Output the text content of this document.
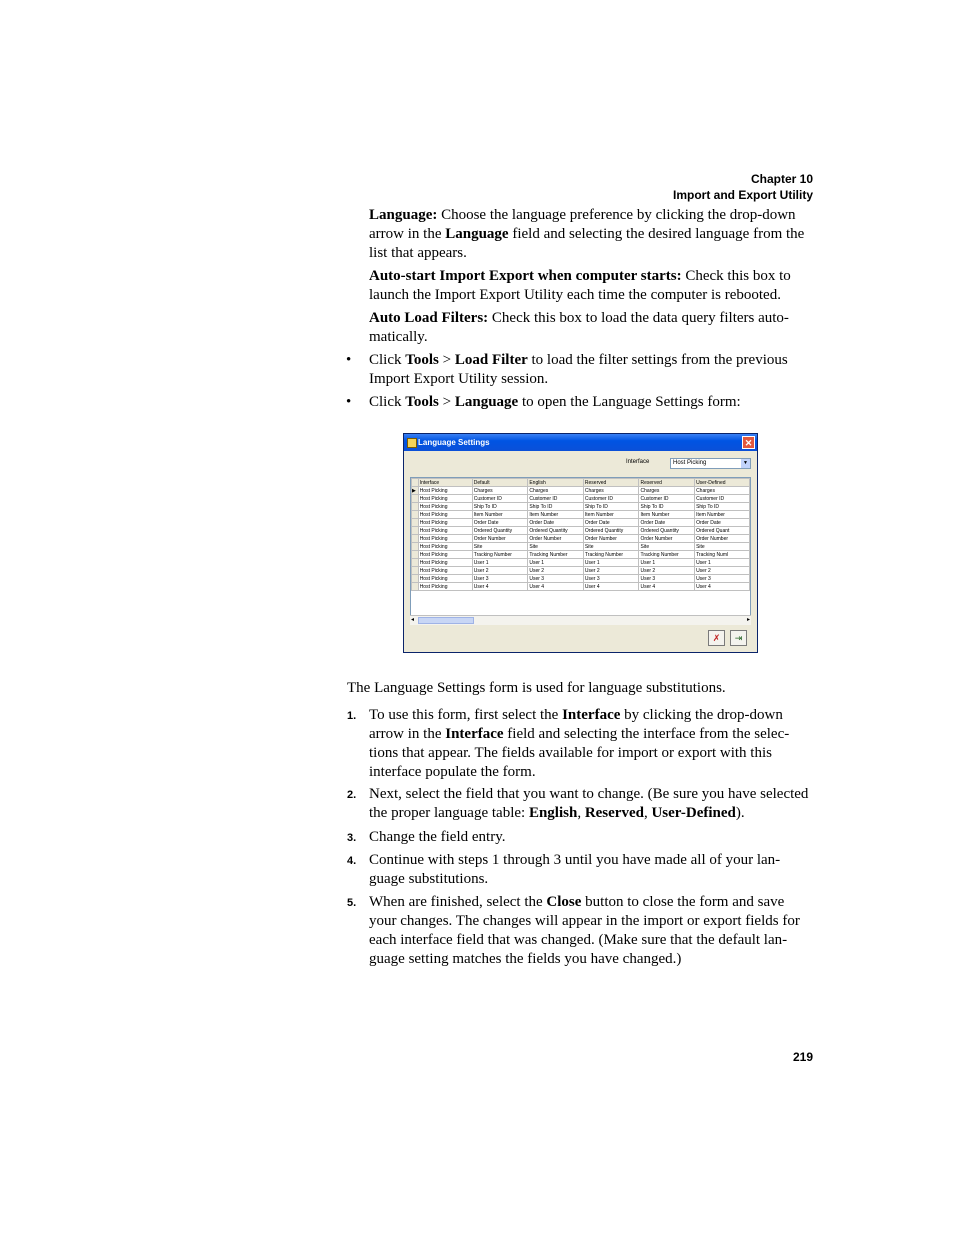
Chapter 10
Import and Export Utility
Language: Choose the language preference by clicking the drop-down arrow in the Language field and selecting the desired language from the list that appears.
Auto-start Import Export when computer starts: Check this box to launch the Import Export Utility each time the computer is rebooted.
Auto Load Filters: Check this box to load the data query filters auto-matically.
• Click Tools > Load Filter to load the filter settings from the previous Import Export Utility session.
• Click Tools > Language to open the Language Settings form:
Language Settings	✕
Interface	Host Picking	▼
	Interface	Default	English	Reserved	Reserved	User-Defined
▶	Host Picking	Charges	Charges	Charges	Charges	Charges
	Host Picking	Customer ID	Customer ID	Customer ID	Customer ID	Customer ID
	Host Picking	Ship To ID	Ship To ID	Ship To ID	Ship To ID	Ship To ID
	Host Picking	Item Number	Item Number	Item Number	Item Number	Item Number
	Host Picking	Order Date	Order Date	Order Date	Order Date	Order Date
	Host Picking	Ordered Quantity	Ordered Quantity	Ordered Quantity	Ordered Quantity	Ordered Quant
	Host Picking	Order Number	Order Number	Order Number	Order Number	Order Number
	Host Picking	Site	Site	Site	Site	Site
	Host Picking	Tracking Number	Tracking Number	Tracking Number	Tracking Number	Tracking Numl
	Host Picking	User 1	User 1	User 1	User 1	User 1
	Host Picking	User 2	User 2	User 2	User 2	User 2
	Host Picking	User 3	User 3	User 3	User 3	User 3
	Host Picking	User 4	User 4	User 4	User 4	User 4
◂	▸
✗	⇥
The Language Settings form is used for language substitutions.
1. To use this form, first select the Interface by clicking the drop-down arrow in the Interface field and selecting the interface from the selec-tions that appear. The fields available for import or export with this interface populate the form.
2. Next, select the field that you want to change. (Be sure you have selected the proper language table: English, Reserved, User-Defined).
3. Change the field entry.
4. Continue with steps 1 through 3 until you have made all of your lan-guage substitutions.
5. When are finished, select the Close button to close the form and save your changes. The changes will appear in the import or export fields for each interface field that was changed. (Make sure that the default lan-guage setting matches the fields you have changed.)
219
